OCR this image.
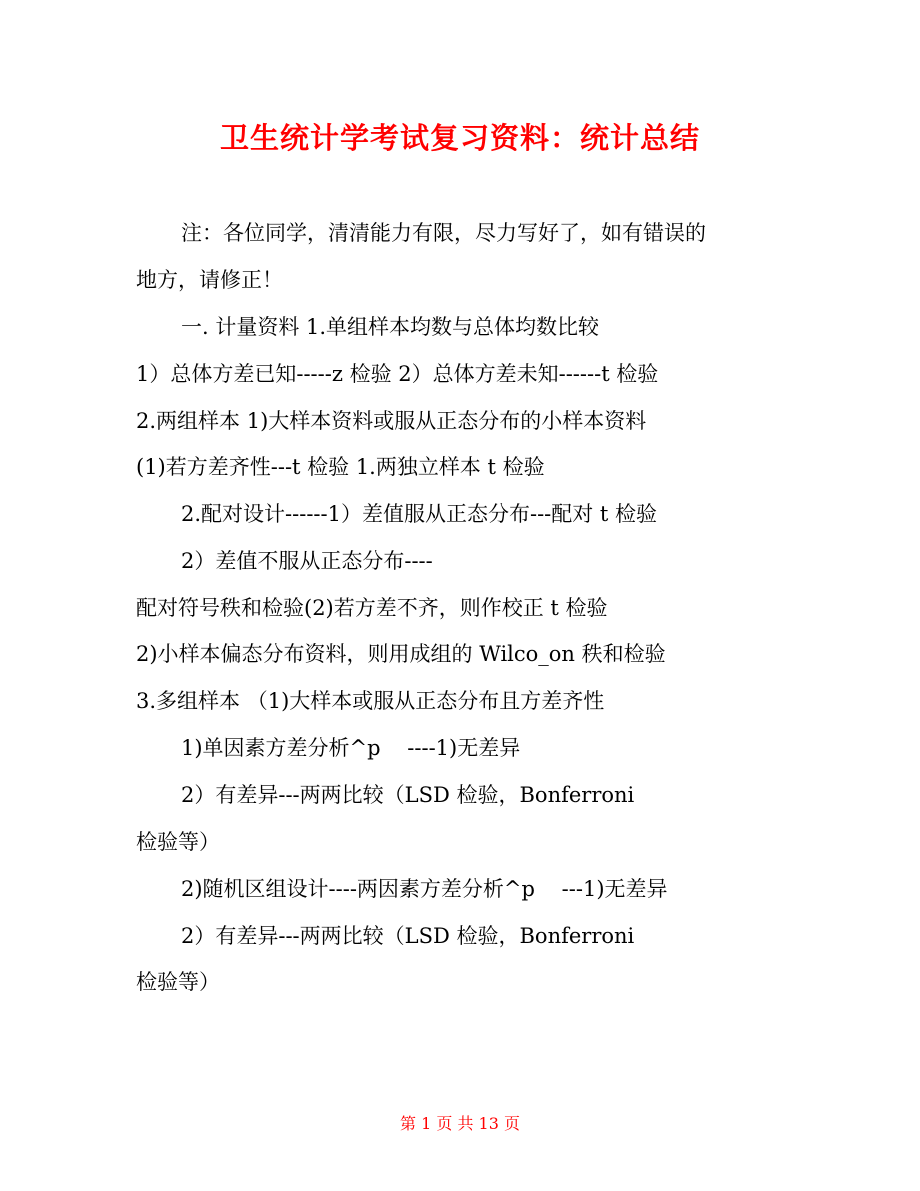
卫生统计学考试复习资料：统计总结
注：各位同学，清清能力有限，尽力写好了，如有错误的
地方，请修正！
一. 计量资料 1.单组样本均数与总体均数比较
1）总体方差已知-----z 检验 2）总体方差未知------t 检验
2.两组样本 1)大样本资料或服从正态分布的小样本资料
(1)若方差齐性---t 检验 1.两独立样本 t 检验
2.配对设计------1）差值服从正态分布---配对 t 检验
2）差值不服从正态分布----
配对符号秩和检验(2)若方差不齐，则作校正 t 检验
2)小样本偏态分布资料，则用成组的 Wilco_on 秩和检验
3.多组样本 （1)大样本或服从正态分布且方差齐性
1)单因素方差分析^p    ----1)无差异
2）有差异---两两比较（LSD 检验，Bonferroni
检验等）
2)随机区组设计----两因素方差分析^p    ---1)无差异
2）有差异---两两比较（LSD 检验，Bonferroni
检验等）
第 1 页 共 13 页
